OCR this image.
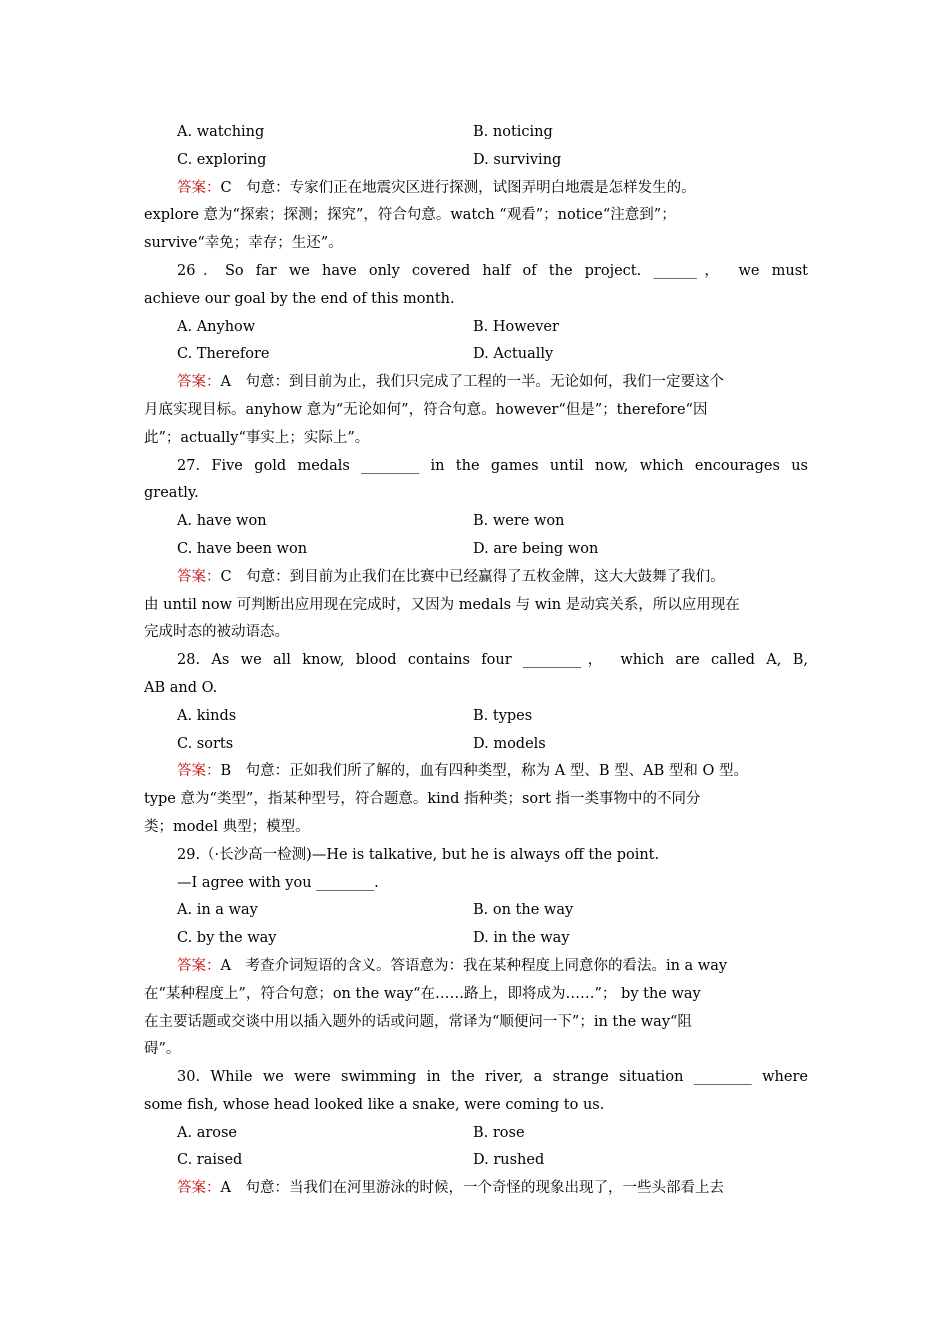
A. watching	B. noticing
C. exploring	D. surviving
答案：C　句意：专家们正在地震灾区进行探测，试图弄明白地震是怎样发生的。
explore 意为“探索；探测；探究”，符合句意。watch “观看”；notice“注意到”；
survive“幸免；幸存；生还”。
26．So far we have only covered half of the project. ______， we must
achieve our goal by the end of this month.
A. Anyhow	B. However
C. Therefore	D. Actually
答案：A　句意：到目前为止，我们只完成了工程的一半。无论如何，我们一定要这个
月底实现目标。anyhow 意为“无论如何”，符合句意。however“但是”；therefore“因
此”；actually“事实上；实际上”。
27. Five gold medals ________ in the games until now, which encourages us
greatly.
A. have won	B. were won
C. have been won	D. are being won
答案：C　句意：到目前为止我们在比赛中已经赢得了五枚金牌，这大大鼓舞了我们。
由 until now 可判断出应用现在完成时，又因为 medals 与 win 是动宾关系，所以应用现在
完成时态的被动语态。
28. As we all know, blood contains four ________， which are called A, B,
AB and O.
A. kinds	B. types
C. sorts	D. models
答案：B　句意：正如我们所了解的，血有四种类型，称为 A 型、B 型、AB 型和 O 型。
type 意为“类型”，指某种型号，符合题意。kind 指种类；sort 指一类事物中的不同分
类；model 典型；模型。
29.（·长沙高一检测)—He is talkative, but he is always off the point.
—I agree with you ________.
A. in a way	B. on the way
C. by the way	D. in the way
答案：A　考查介词短语的含义。答语意为：我在某种程度上同意你的看法。in a way
在“某种程度上”，符合句意；on the way“在……路上，即将成为……”； by the way
在主要话题或交谈中用以插入题外的话或问题，常译为“顺便问一下”；in the way“阻
碍”。
30. While we were swimming in the river, a strange situation ________ where
some fish, whose head looked like a snake, were coming to us.
A. arose	B. rose
C. raised	D. rushed
答案：A　句意：当我们在河里游泳的时候，一个奇怪的现象出现了，一些头部看上去
